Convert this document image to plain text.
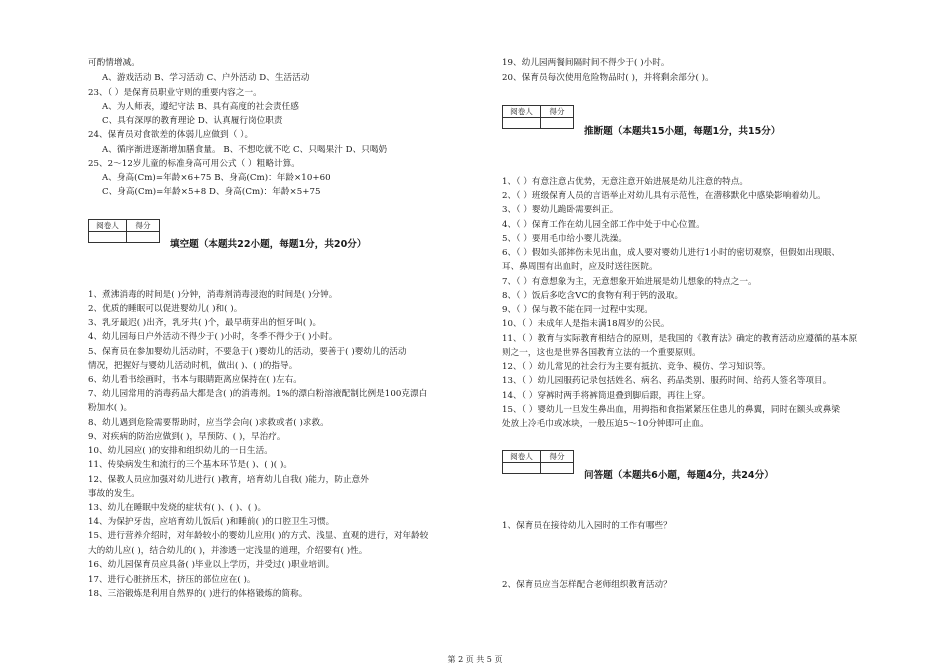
可酌情增减。
A、游戏活动 B、学习活动 C、户外活动 D、生活活动
23、（ ）是保育员职业守则的重要内容之一。
A、为人师表，遵纪守法 B、具有高度的社会责任感
C、具有深厚的教育理论 D、认真履行岗位职责
24、保育员对食欲差的体弱儿应做到（ ）。
A、循序渐进逐渐增加膳食量。 B、不想吃就不吃 C、只喝果汁 D、只喝奶
25、2～12岁儿童的标准身高可用公式（ ）粗略计算。
A、身高(Cm)=年龄×6+75 B、身高(Cm)：年龄×10+60
C、身高(Cm)=年龄×5+8 D、身高(Cm)：年龄×5+75
阅卷人	得分

填空题（本题共22小题，每题1分，共20分）
1、煮沸消毒的时间是( )分钟，消毒剂消毒浸泡的时间是( )分钟。
2、优质的睡眠可以促进婴幼儿( )和( )。
3、乳牙最迟( )出齐，乳牙共( )个，最早萌芽出的恒牙叫( )。
4、幼儿园每日户外活动不得少于( )小时，冬季不得少于( )小时。
5、保育员在参加婴幼儿活动时，不要急于( )婴幼儿的活动，要善于( )婴幼儿的活动
情况，把握好与婴幼儿活动时机，做出( )、( )的指导。
6、幼儿看书绘画时，书本与眼睛距离应保持在( )左右。
7、幼儿园常用的消毒药品大都是含( )的消毒剂。1%的漂白粉溶液配制比例是100克漂白
粉加水( )。
8、幼儿遇到危险需要帮助时，应当学会向( )求救或者( )求救。
9、对疾病的防治应做到( )，早预防、( )，早治疗。
10、幼儿园应( )的安排和组织幼儿的一日生活。
11、传染病发生和流行的三个基本环节是( )、( )( )。
12、保教人员应加强对幼儿进行( )教育，培育幼儿自我( )能力，防止意外
事故的发生。
13、幼儿在睡眠中发烧的症状有( )、( )、( )。
14、为保护牙齿，应培育幼儿饭后( )和睡前( )的口腔卫生习惯。
15、进行营养介绍时，对年龄较小的婴幼儿应用( )的方式、浅显、直观的进行，对年龄较
大的幼儿应( )，结合幼儿的( )，并渗透一定浅显的道理，介绍要有( )性。
16、幼儿园保育员应具备( )毕业以上学历，并受过( )职业培训。
17、进行心脏挤压术，挤压的部位应在( )。
18、三浴锻炼是利用自然界的( )进行的体格锻炼的简称。
19、幼儿园两餐间隔时间不得少于( )小时。
20、保育员每次使用危险物品时( )，并将剩余部分( )。
阅卷人	得分

推断题（本题共15小题，每题1分，共15分）
1、（ ）有意注意占优势，无意注意开始进展是幼儿注意的特点。
2、（ ）班级保育人员的言语举止对幼儿具有示范性，在潜移默化中感染影响着幼儿。
3、（ ）婴幼儿跪卧需要纠正。
4、（ ）保育工作在幼儿园全部工作中处于中心位置。
5、（ ）要用毛巾给小婴儿洗澡。
6、（ ）假如头部摔伤未见出血，成人要对婴幼儿进行1小时的密切观察，但假如出现眼、
耳、鼻周围有出血时，应及时送往医院。
7、（ ）有意想象为主，无意想象开始进展是幼儿想象的特点之一。
8、（ ）饭后多吃含VC的食物有利于钙的汲取。
9、（ ）保与教不能在同一过程中实现。
10、（ ）未成年人是指未满18周岁的公民。
11、（ ）教育与实际教育相结合的原则，是我国的《教育法》确定的教育活动应遵循的基本原
则之一，这也是世界各国教育立法的一个重要原则。
12、（ ）幼儿常见的社会行为主要有抵抗、竞争、模仿、学习知识等。
13、（ ）幼儿园服药记录包括姓名、病名、药品类别、服药时间、给药人签名等项目。
14、（ ）穿裤时两手将裤筒退叠到脚后跟，再往上穿。
15、（ ）婴幼儿一旦发生鼻出血，用拇指和食指紧紧压住患儿的鼻翼，同时在额头或鼻梁
处放上冷毛巾或冰块，一般压迫5～10分钟即可止血。
阅卷人	得分

问答题（本题共6小题，每题4分，共24分）
1、保育员在接待幼儿入园时的工作有哪些？
2、保育员应当怎样配合老师组织教育活动？
第 2 页 共 5 页
